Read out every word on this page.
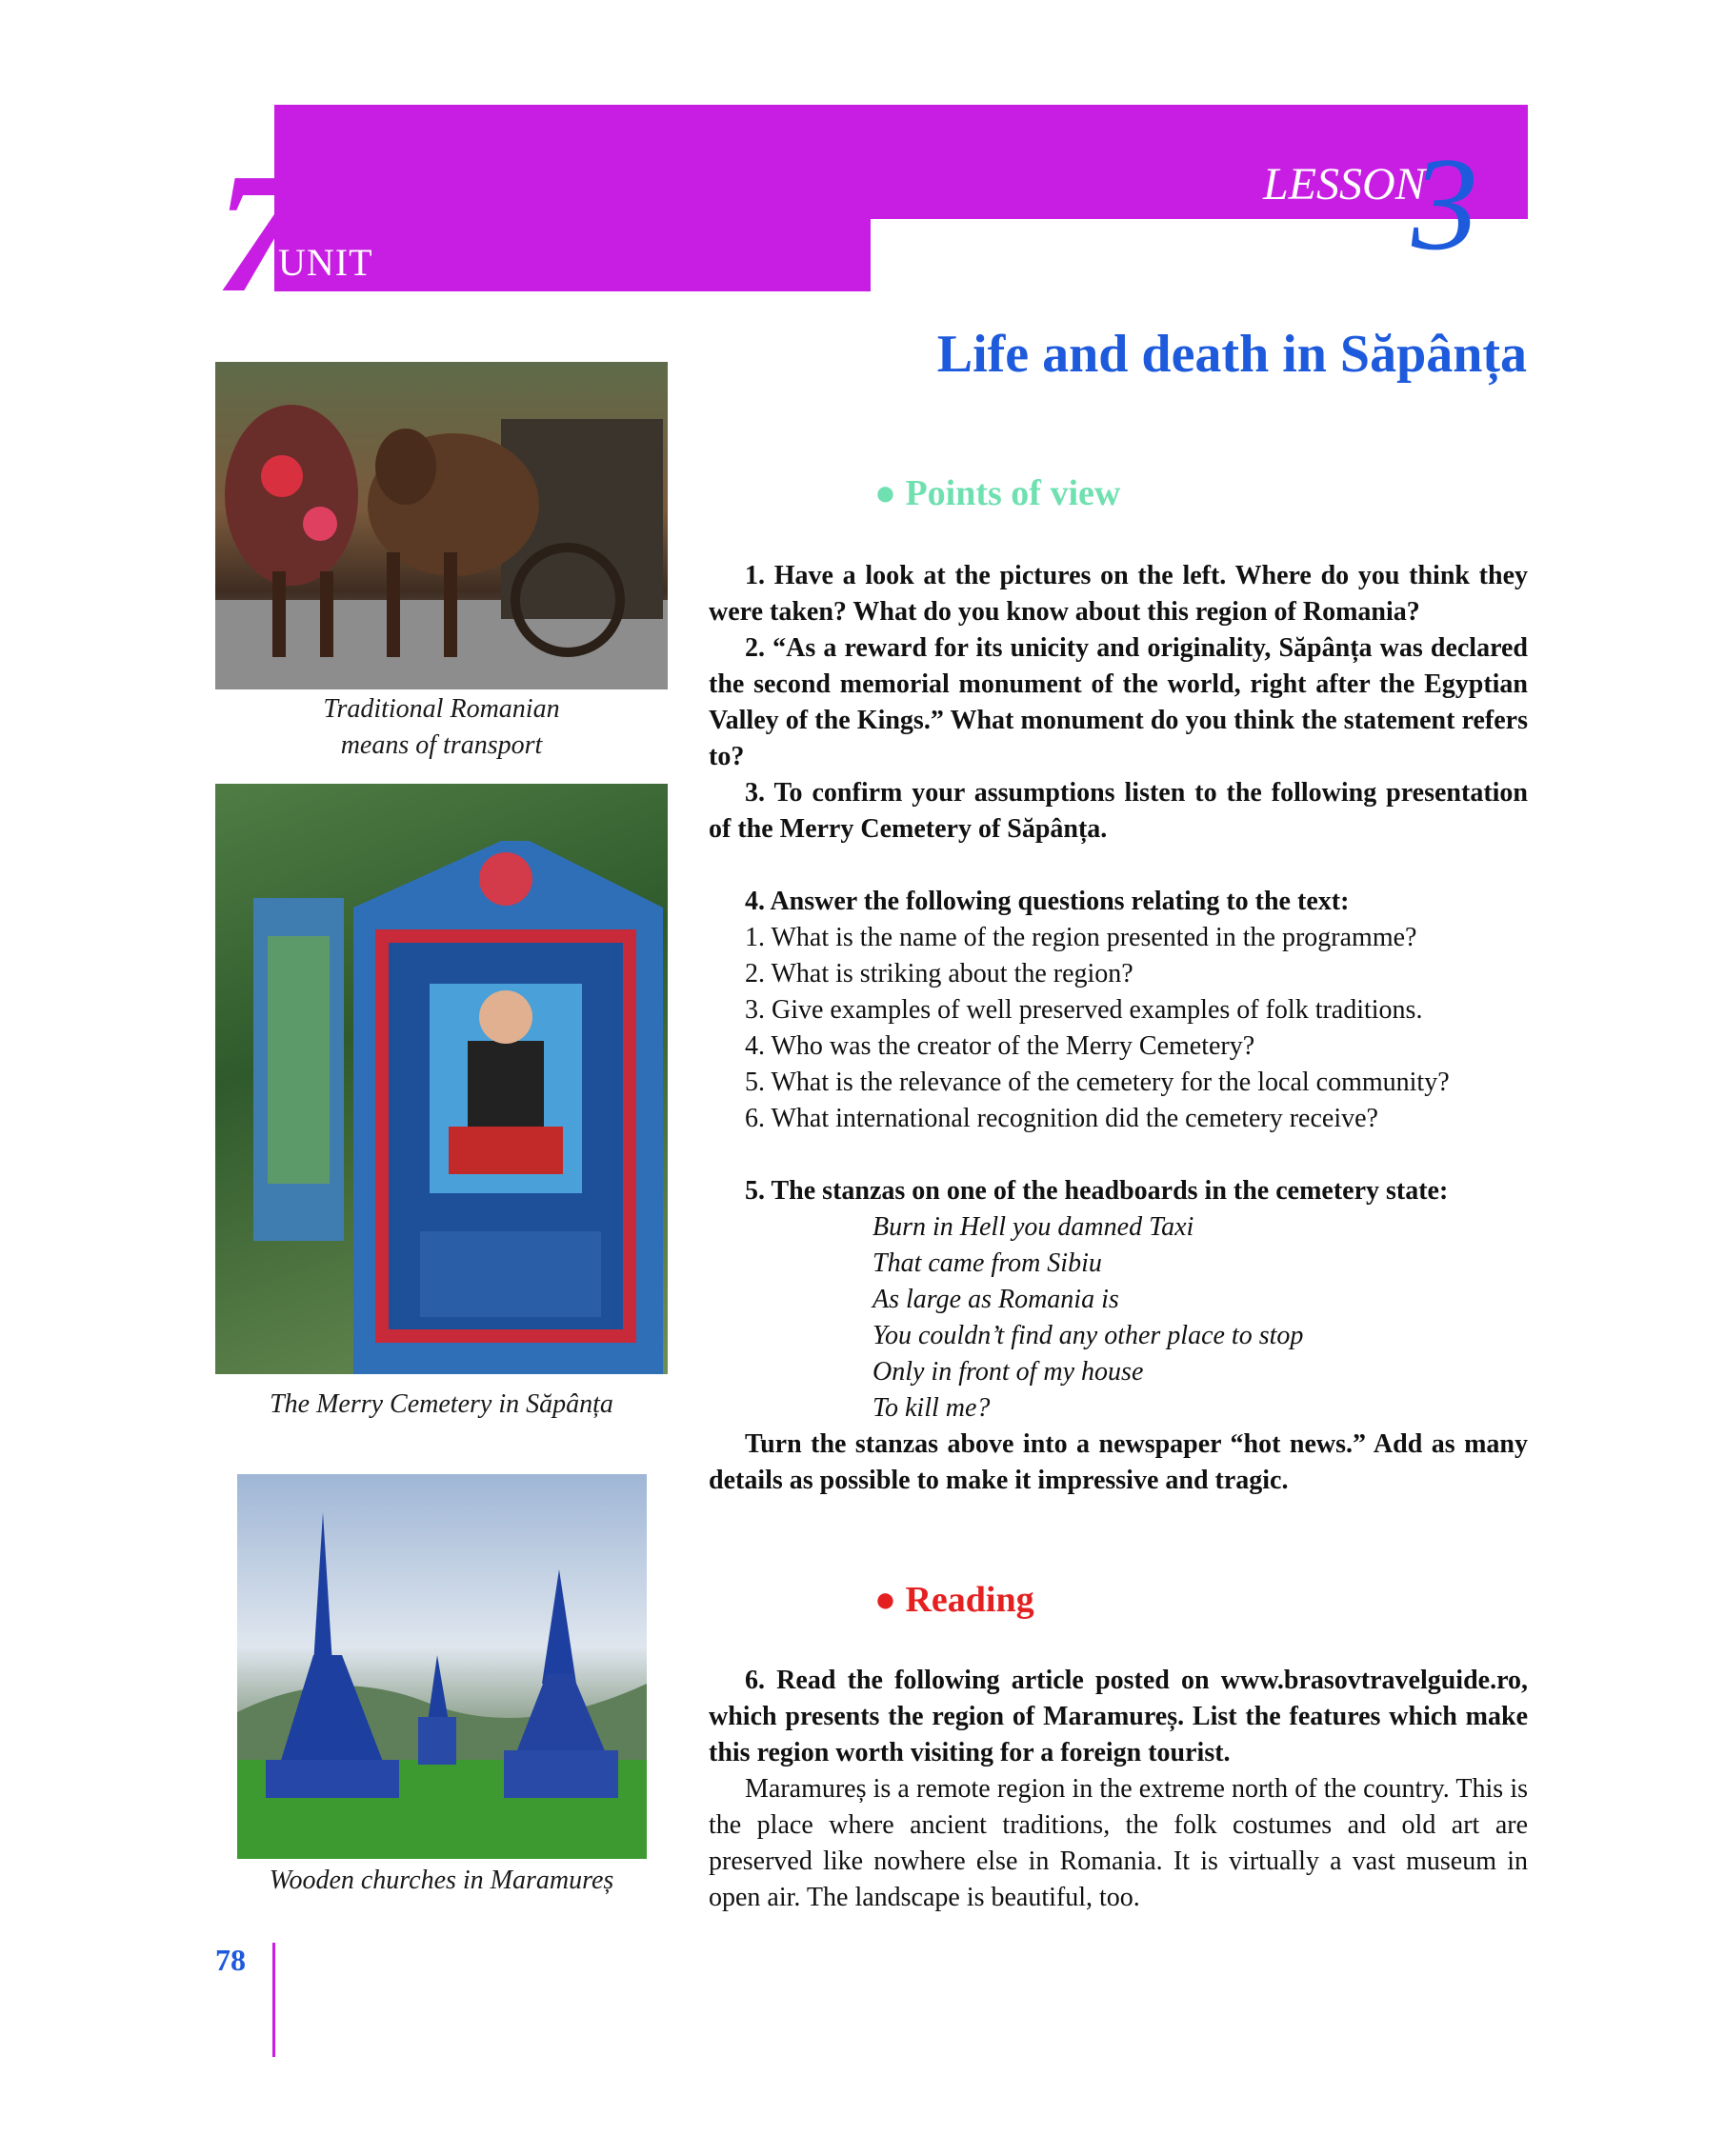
7
UNIT
LESSON
3
Life and death in Săpânța
Traditional Romanian
means of transport
The Merry Cemetery in Săpânța
Wooden churches in Maramureș
● Points of view
1. Have a look at the pictures on the left. Where do you think they were taken? What do you know about this region of Romania?
2. “As a reward for its unicity and originality, Săpânța was declared the second memorial monument of the world, right after the Egyptian Valley of the Kings.” What monument do you think the statement refers to?
3. To confirm your assumptions listen to the following presentation of the Merry Cemetery of Săpânța.
4. Answer the following questions relating to the text:
1. What is the name of the region presented in the programme?
2. What is striking about the region?
3. Give examples of well preserved examples of folk traditions.
4. Who was the creator of the Merry Cemetery?
5. What is the relevance of the cemetery for the local community?
6. What international recognition did the cemetery receive?
5. The stanzas on one of the headboards in the cemetery state:
Burn in Hell you damned Taxi
That came from Sibiu
As large as Romania is
You couldn’t find any other place to stop
Only in front of my house
To kill me?
Turn the stanzas above into a newspaper “hot news.” Add as many details as possible to make it impressive and tragic.
● Reading
6. Read the following article posted on www.brasovtravelguide.ro, which presents the region of Maramureș. List the features which make this region worth visiting for a foreign tourist.
Maramureș is a remote region in the extreme north of the country. This is the place where ancient traditions, the folk costumes and old art are preserved like nowhere else in Romania. It is virtually a vast museum in open air. The landscape is beautiful, too.
78
